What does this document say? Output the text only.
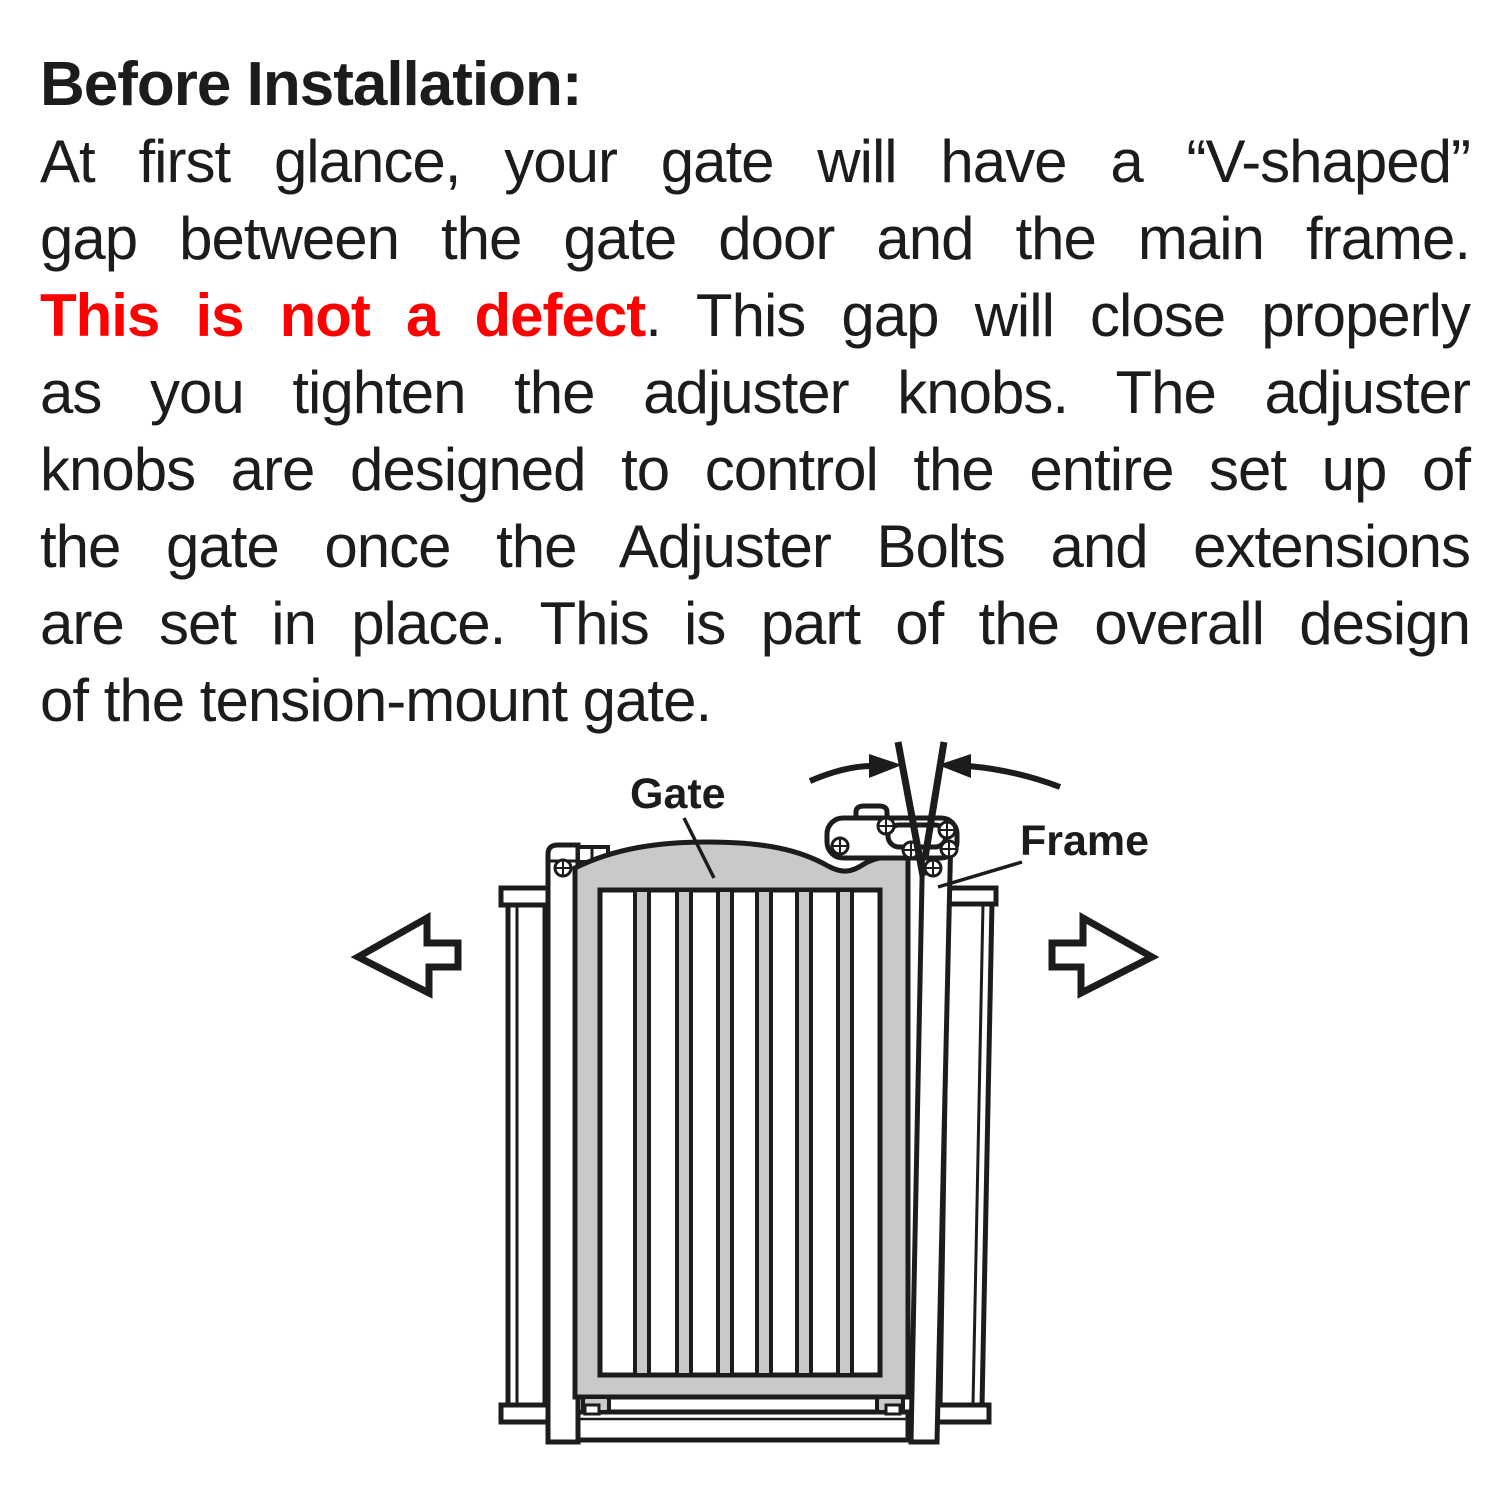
Before Installation:
At first glance, your gate will have a “V-shaped”
gap between the gate door and the main frame.
This is not a defect. This gap will close properly
as you tighten the adjuster knobs. The adjuster
knobs are designed to control the entire set up of
the gate once the Adjuster Bolts and extensions
are set in place. This is part of the overall design
of the tension-mount gate.
Gate
Frame
